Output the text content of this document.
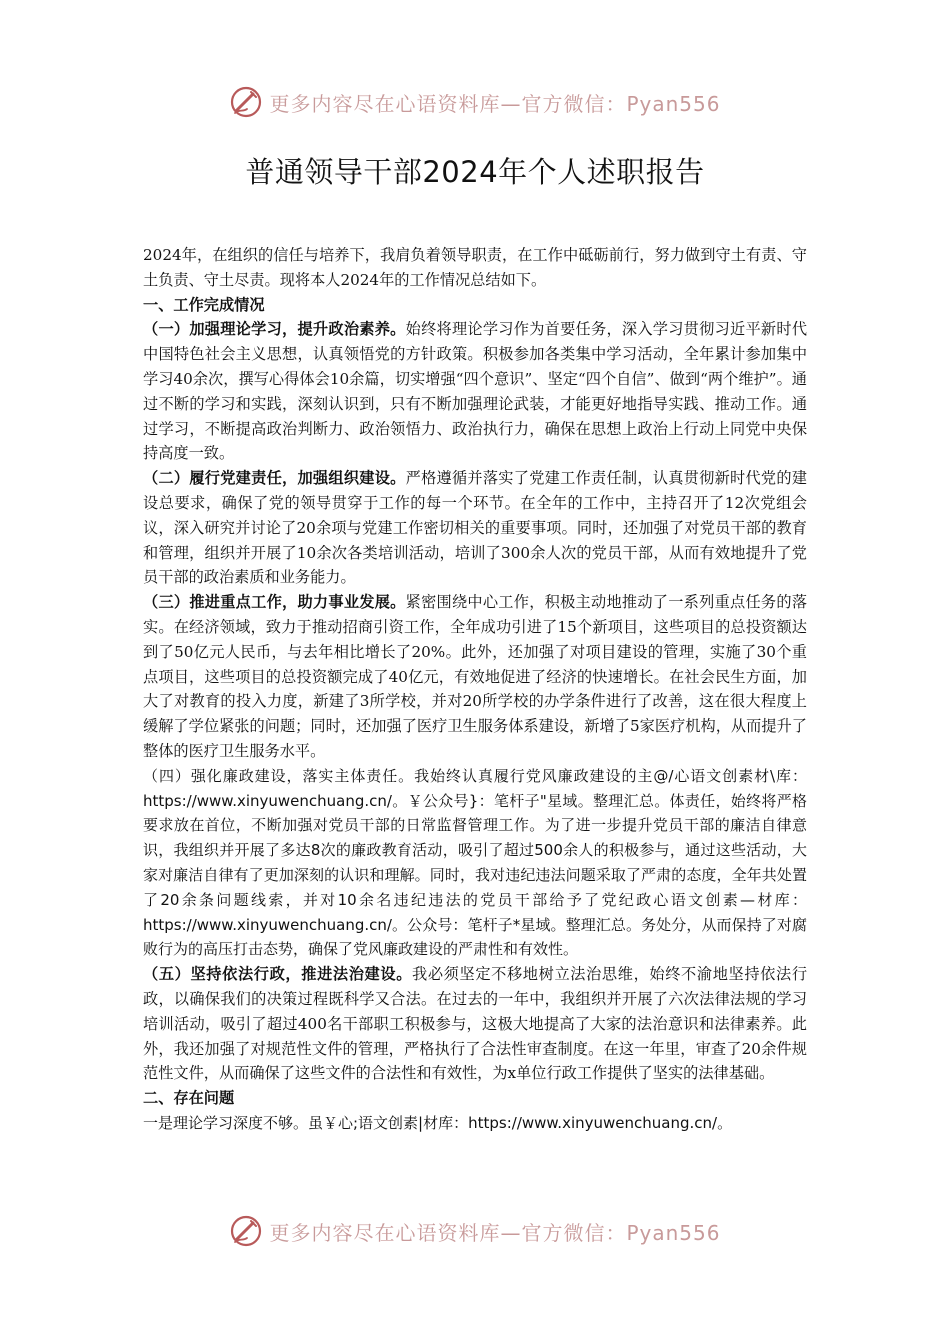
更多内容尽在心语资料库—官方微信：Pyan556
普通领导干部2024年个人述职报告

2024年，在组织的信任与培养下，我肩负着领导职责，在工作中砥砺前行，努力做到守土有责、守土负责、守土尽责。现将本人2024年的工作情况总结如下。

一、工作完成情况

（一）加强理论学习，提升政治素养。始终将理论学习作为首要任务，深入学习贯彻习近平新时代中国特色社会主义思想，认真领悟党的方针政策。积极参加各类集中学习活动，全年累计参加集中学习40余次，撰写心得体会10余篇，切实增强“四个意识”、坚定“四个自信”、做到“两个维护”。通过不断的学习和实践，深刻认识到，只有不断加强理论武装，才能更好地指导实践、推动工作。通过学习，不断提高政治判断力、政治领悟力、政治执行力，确保在思想上政治上行动上同党中央保持高度一致。

（二）履行党建责任，加强组织建设。严格遵循并落实了党建工作责任制，认真贯彻新时代党的建设总要求，确保了党的领导贯穿于工作的每一个环节。在全年的工作中，主持召开了12次党组会议，深入研究并讨论了20余项与党建工作密切相关的重要事项。同时，还加强了对党员干部的教育和管理，组织并开展了10余次各类培训活动，培训了300余人次的党员干部，从而有效地提升了党员干部的政治素质和业务能力。

（三）推进重点工作，助力事业发展。紧密围绕中心工作，积极主动地推动了一系列重点任务的落实。在经济领域，致力于推动招商引资工作，全年成功引进了15个新项目，这些项目的总投资额达到了50亿元人民币，与去年相比增长了20%。此外，还加强了对项目建设的管理，实施了30个重点项目，这些项目的总投资额完成了40亿元，有效地促进了经济的快速增长。在社会民生方面，加大了对教育的投入力度，新建了3所学校，并对20所学校的办学条件进行了改善，这在很大程度上缓解了学位紧张的问题；同时，还加强了医疗卫生服务体系建设，新增了5家医疗机构，从而提升了整体的医疗卫生服务水平。

（四）强化廉政建设，落实主体责任。我始终认真履行党风廉政建设的主@/心语文创素材\库：https://www.xinyuwenchuang.cn/。￥公众号}：笔杆子"星域。整理汇总。体责任，始终将严格要求放在首位，不断加强对党员干部的日常监督管理工作。为了进一步提升党员干部的廉洁自律意识，我组织并开展了多达8次的廉政教育活动，吸引了超过500余人的积极参与，通过这些活动，大家对廉洁自律有了更加深刻的认识和理解。同时，我对违纪违法问题采取了严肃的态度，全年共处置了20余条问题线索，并对10余名违纪违法的党员干部给予了党纪政心语文创素—材库：https://www.xinyuwenchuang.cn/。公众号：笔杆子*星域。整理汇总。务处分，从而保持了对腐败行为的高压打击态势，确保了党风廉政建设的严肃性和有效性。

（五）坚持依法行政，推进法治建设。我必须坚定不移地树立法治思维，始终不渝地坚持依法行政，以确保我们的决策过程既科学又合法。在过去的一年中，我组织并开展了六次法律法规的学习培训活动，吸引了超过400名干部职工积极参与，这极大地提高了大家的法治意识和法律素养。此外，我还加强了对规范性文件的管理，严格执行了合法性审查制度。在这一年里，审查了20余件规范性文件，从而确保了这些文件的合法性和有效性，为x单位行政工作提供了坚实的法律基础。

二、存在问题

一是理论学习深度不够。虽￥心;语文创素|材库：https://www.xinyuwenchuang.cn/。

更多内容尽在心语资料库—官方微信：Pyan556
